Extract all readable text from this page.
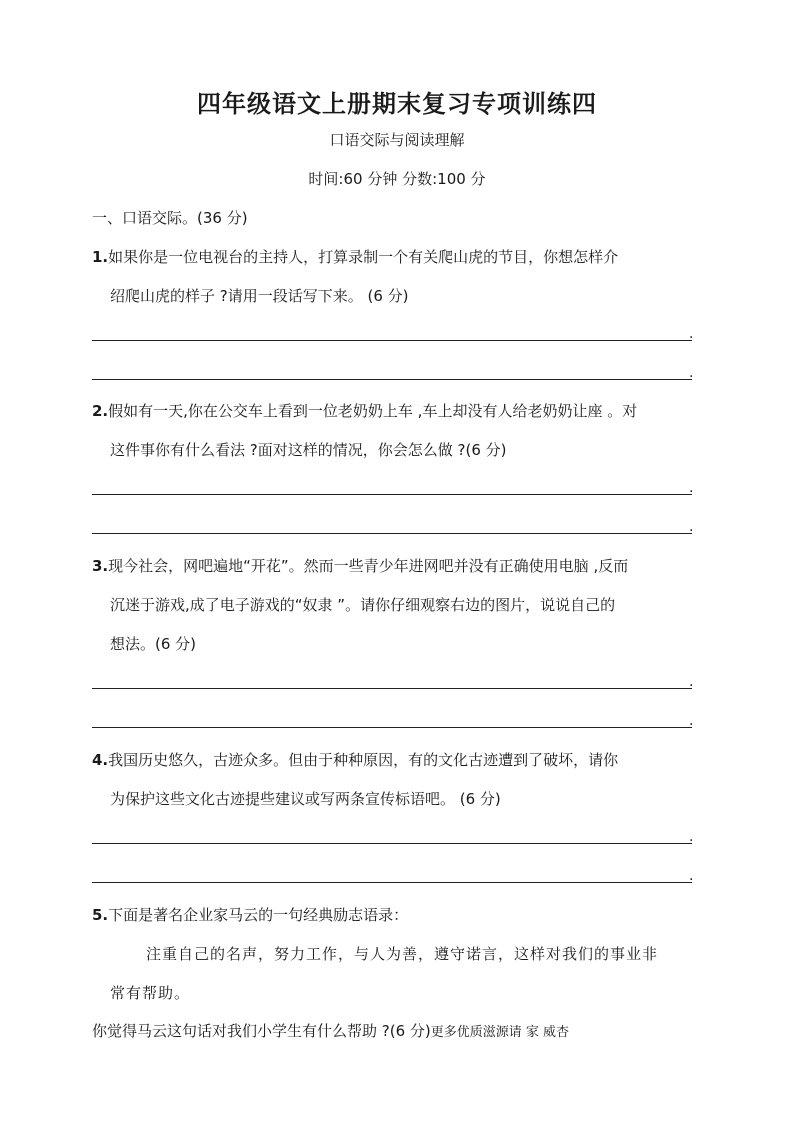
四年级语文上册期末复习专项训练四
口语交际与阅读理解
时间:60 分钟 分数:100 分
一、口语交际。(36 分)
1.如果你是一位电视台的主持人，打算录制一个有关爬山虎的节目，你想怎样介
绍爬山虎的样子 ?请用一段话写下来。 (6 分)
.
.
2.假如有一天,你在公交车上看到一位老奶奶上车 ,车上却没有人给老奶奶让座 。对
这件事你有什么看法 ?面对这样的情况，你会怎么做 ?(6 分)
.
.
3.现今社会，网吧遍地“开花”。然而一些青少年进网吧并没有正确使用电脑 ,反而
沉迷于游戏,成了电子游戏的“奴隶 ”。请你仔细观察右边的图片，说说自己的
想法。(6 分)
.
.
4.我国历史悠久，古迹众多。但由于种种原因，有的文化古迹遭到了破坏，请你
为保护这些文化古迹提些建议或写两条宣传标语吧。 (6 分)
.
.
5.下面是著名企业家马云的一句经典励志语录：
注重自己的名声，努力工作，与人为善，遵守诺言，这样对我们的事业非
常有帮助。
你觉得马云这句话对我们小学生有什么帮助 ?(6 分)更多优质滋源请 家 威杏
